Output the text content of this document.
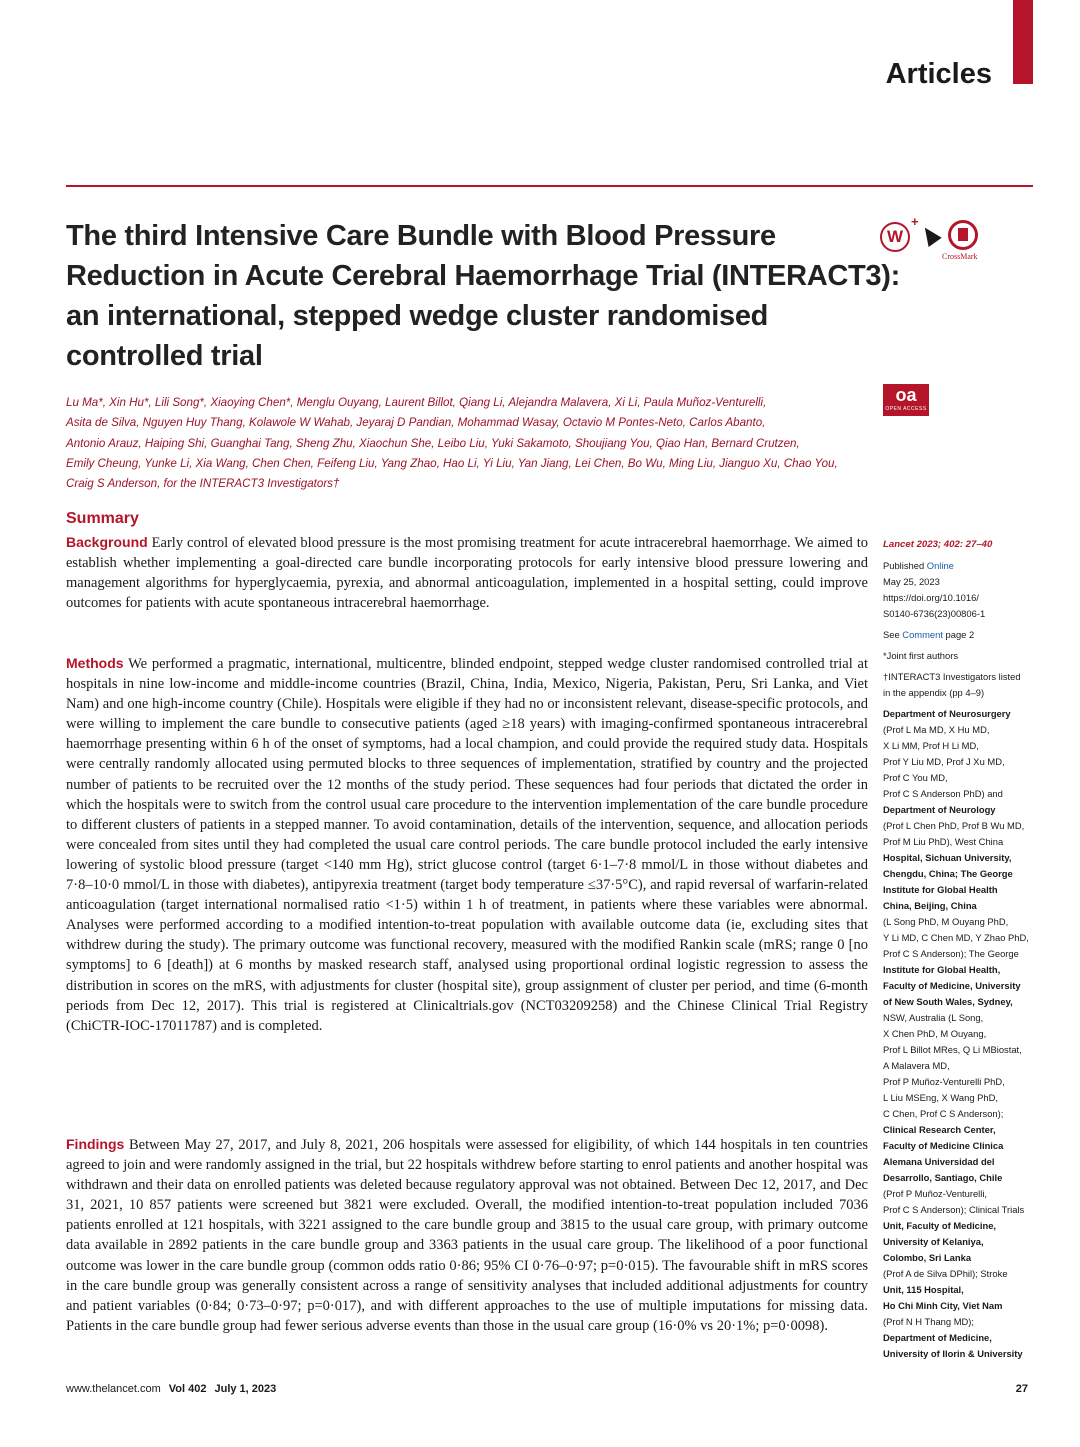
Articles
The third Intensive Care Bundle with Blood Pressure
Reduction in Acute Cerebral Haemorrhage Trial (INTERACT3):
an international, stepped wedge cluster randomised
controlled trial
W
+
CrossMark
oa
OPEN ACCESS

Lu Ma*, Xin Hu*, Lili Song*, Xiaoying Chen*, Menglu Ouyang, Laurent Billot, Qiang Li, Alejandra Malavera, Xi Li, Paula Muñoz-Venturelli,
Asita de Silva, Nguyen Huy Thang, Kolawole W Wahab, Jeyaraj D Pandian, Mohammad Wasay, Octavio M Pontes-Neto, Carlos Abanto,
Antonio Arauz, Haiping Shi, Guanghai Tang, Sheng Zhu, Xiaochun She, Leibo Liu, Yuki Sakamoto, Shoujiang You, Qiao Han, Bernard Crutzen,
Emily Cheung, Yunke Li, Xia Wang, Chen Chen, Feifeng Liu, Yang Zhao, Hao Li, Yi Liu, Yan Jiang, Lei Chen, Bo Wu, Ming Liu, Jianguo Xu, Chao You,
Craig S Anderson, for the INTERACT3 Investigators†

Summary

Background Early control of elevated blood pressure is the most promising treatment for acute intracerebral haemorrhage. We aimed to establish whether implementing a goal-directed care bundle incorporating protocols for early intensive blood pressure lowering and management algorithms for hyperglycaemia, pyrexia, and abnormal anticoagulation, implemented in a hospital setting, could improve outcomes for patients with acute spontaneous intracerebral haemorrhage.

Methods We performed a pragmatic, international, multicentre, blinded endpoint, stepped wedge cluster randomised controlled trial at hospitals in nine low-income and middle-income countries (Brazil, China, India, Mexico, Nigeria, Pakistan, Peru, Sri Lanka, and Viet Nam) and one high-income country (Chile). Hospitals were eligible if they had no or inconsistent relevant, disease-specific protocols, and were willing to implement the care bundle to consecutive patients (aged ≥18 years) with imaging-confirmed spontaneous intracerebral haemorrhage presenting within 6 h of the onset of symptoms, had a local champion, and could provide the required study data. Hospitals were centrally randomly allocated using permuted blocks to three sequences of implementation, stratified by country and the projected number of patients to be recruited over the 12 months of the study period. These sequences had four periods that dictated the order in which the hospitals were to switch from the control usual care procedure to the intervention implementation of the care bundle procedure to different clusters of patients in a stepped manner. To avoid contamination, details of the intervention, sequence, and allocation periods were concealed from sites until they had completed the usual care control periods. The care bundle protocol included the early intensive lowering of systolic blood pressure (target <140 mm Hg), strict glucose control (target 6·1–7·8 mmol/L in those without diabetes and 7·8–10·0 mmol/L in those with diabetes), antipyrexia treatment (target body temperature ≤37·5°C), and rapid reversal of warfarin-related anticoagulation (target international normalised ratio <1·5) within 1 h of treatment, in patients where these variables were abnormal. Analyses were performed according to a modified intention-to-treat population with available outcome data (ie, excluding sites that withdrew during the study). The primary outcome was functional recovery, measured with the modified Rankin scale (mRS; range 0 [no symptoms] to 6 [death]) at 6 months by masked research staff, analysed using proportional ordinal logistic regression to assess the distribution in scores on the mRS, with adjustments for cluster (hospital site), group assignment of cluster per period, and time (6-month periods from Dec 12, 2017). This trial is registered at Clinicaltrials.gov (NCT03209258) and the Chinese Clinical Trial Registry (ChiCTR-IOC-17011787) and is completed.

Findings Between May 27, 2017, and July 8, 2021, 206 hospitals were assessed for eligibility, of which 144 hospitals in ten countries agreed to join and were randomly assigned in the trial, but 22 hospitals withdrew before starting to enrol patients and another hospital was withdrawn and their data on enrolled patients was deleted because regulatory approval was not obtained. Between Dec 12, 2017, and Dec 31, 2021, 10 857 patients were screened but 3821 were excluded. Overall, the modified intention-to-treat population included 7036 patients enrolled at 121 hospitals, with 3221 assigned to the care bundle group and 3815 to the usual care group, with primary outcome data available in 2892 patients in the care bundle group and 3363 patients in the usual care group. The likelihood of a poor functional outcome was lower in the care bundle group (common odds ratio 0·86; 95% CI 0·76–0·97; p=0·015). The favourable shift in mRS scores in the care bundle group was generally consistent across a range of sensitivity analyses that included additional adjustments for country and patient variables (0·84; 0·73–0·97; p=0·017), and with different approaches to the use of multiple imputations for missing data. Patients in the care bundle group had fewer serious adverse events than those in the usual care group (16·0% vs 20·1%; p=0·0098).

Lancet 2023; 402: 27–40

Published Online

May 25, 2023

https://doi.org/10.1016/

S0140-6736(23)00806-1

See Comment page 2

*Joint first authors

†INTERACT3 Investigators listed

in the appendix (pp 4–9)

Department of Neurosurgery

(Prof L Ma MD, X Hu MD,

X Li MM, Prof H Li MD,

Prof Y Liu MD, Prof J Xu MD,

Prof C You MD,

Prof C S Anderson PhD) and

Department of Neurology

(Prof L Chen PhD, Prof B Wu MD,

Prof M Liu PhD), West China

Hospital, Sichuan University,

Chengdu, China; The George

Institute for Global Health

China, Beijing, China

(L Song PhD, M Ouyang PhD,

Y Li MD, C Chen MD, Y Zhao PhD,

Prof C S Anderson); The George

Institute for Global Health,

Faculty of Medicine, University

of New South Wales, Sydney,

NSW, Australia (L Song,

X Chen PhD, M Ouyang,

Prof L Billot MRes, Q Li MBiostat,

A Malavera MD,

Prof P Muñoz-Venturelli PhD,

L Liu MSEng, X Wang PhD,

C Chen, Prof C S Anderson);

Clinical Research Center,

Faculty of Medicine Clinica

Alemana Universidad del

Desarrollo, Santiago, Chile

(Prof P Muñoz-Venturelli,

Prof C S Anderson); Clinical Trials

Unit, Faculty of Medicine,

University of Kelaniya,

Colombo, Sri Lanka

(Prof A de Silva DPhil); Stroke

Unit, 115 Hospital,

Ho Chi Minh City, Viet Nam

(Prof N H Thang MD);

Department of Medicine,

University of Ilorin & University

www.thelancet.com Vol 402 July 1, 2023	27
